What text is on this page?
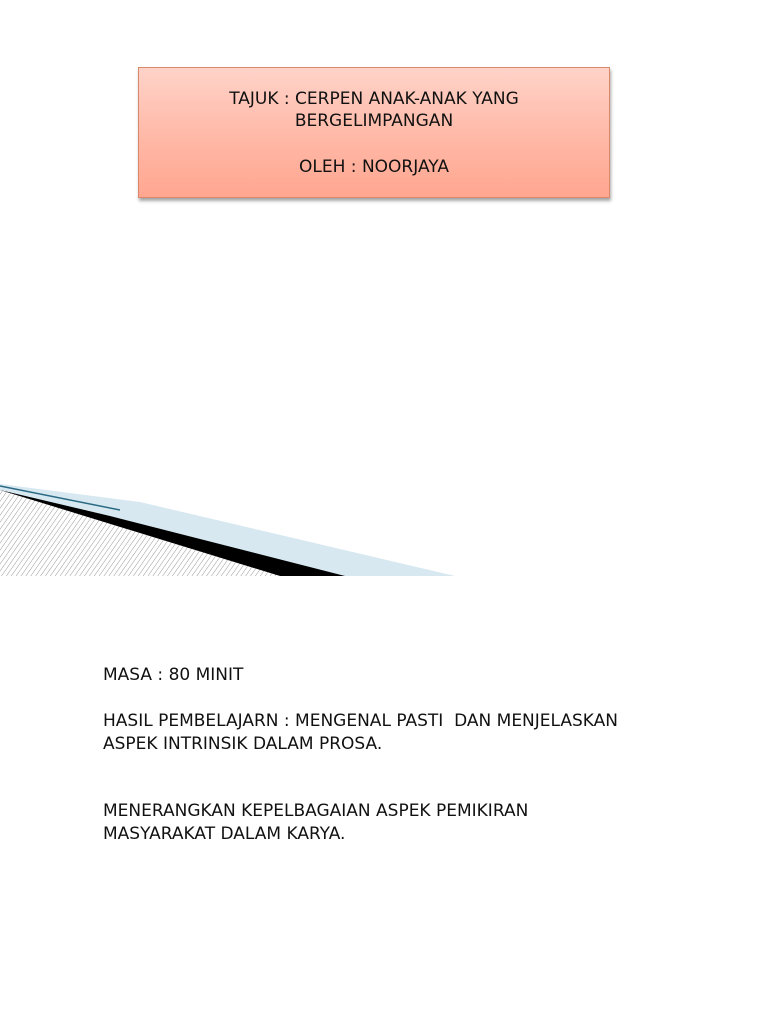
TAJUK : CERPEN ANAK-ANAK YANG
BERGELIMPANGAN
OLEH : NOORJAYA

MASA : 80 MINIT

HASIL PEMBELAJARN : MENGENAL PASTI  DAN MENJELASKAN

ASPEK INTRINSIK DALAM PROSA.

MENERANGKAN KEPELBAGAIAN ASPEK PEMIKIRAN

MASYARAKAT DALAM KARYA.
